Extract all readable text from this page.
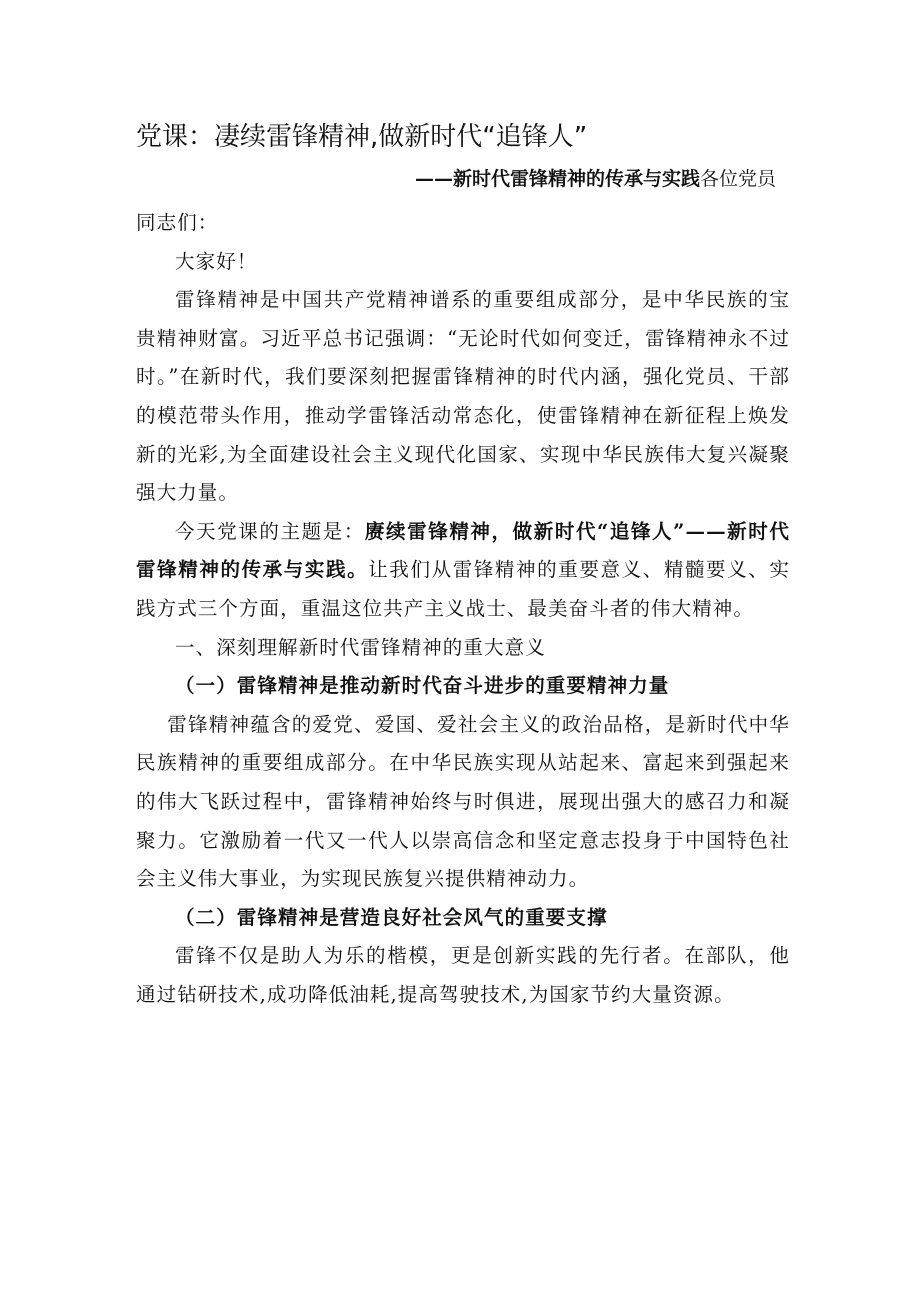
党课：凄续雷锋精神,做新时代“追锋人”
——新时代雷锋精神的传承与实践各位党员

同志们：

大家好！

雷锋精神是中国共产党精神谱系的重要组成部分，是中华民族的宝贵精神财富。习近平总书记强调：“无论时代如何变迁，雷锋精神永不过时。”在新时代，我们要深刻把握雷锋精神的时代内涵，强化党员、干部的模范带头作用，推动学雷锋活动常态化，使雷锋精神在新征程上焕发新的光彩,为全面建设社会主义现代化国家、实现中华民族伟大复兴凝聚强大力量。

今天党课的主题是：赓续雷锋精神，做新时代“追锋人”——新时代雷锋精神的传承与实践。让我们从雷锋精神的重要意义、精髓要义、实践方式三个方面，重温这位共产主义战士、最美奋斗者的伟大精神。

一、深刻理解新时代雷锋精神的重大意义

（一）雷锋精神是推动新时代奋斗进步的重要精神力量

雷锋精神蕴含的爱党、爱国、爱社会主义的政治品格，是新时代中华民族精神的重要组成部分。在中华民族实现从站起来、富起来到强起来的伟大飞跃过程中，雷锋精神始终与时俱进，展现出强大的感召力和凝聚力。它激励着一代又一代人以崇高信念和坚定意志投身于中国特色社会主义伟大事业，为实现民族复兴提供精神动力。

（二）雷锋精神是营造良好社会风气的重要支撑

雷锋不仅是助人为乐的楷模，更是创新实践的先行者。在部队，他通过钻研技术,成功降低油耗,提高驾驶技术,为国家节约大量资源。
